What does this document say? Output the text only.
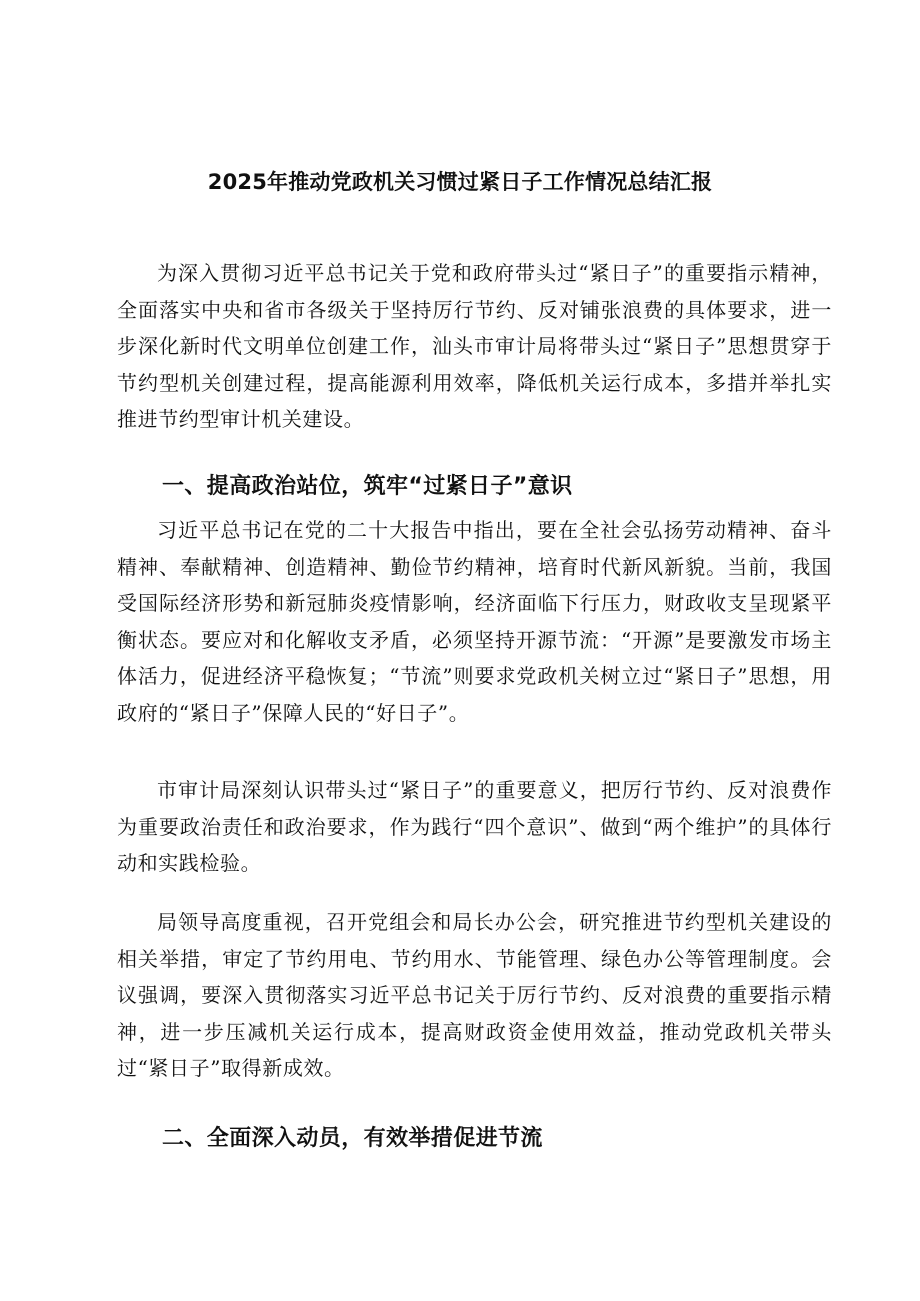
2025年推动党政机关习惯过紧日子工作情况总结汇报

为深入贯彻习近平总书记关于党和政府带头过“紧日子”的重要指示精神，全面落实中央和省市各级关于坚持厉行节约、反对铺张浪费的具体要求，进一步深化新时代文明单位创建工作，汕头市审计局将带头过“紧日子”思想贯穿于节约型机关创建过程，提高能源利用效率，降低机关运行成本，多措并举扎实推进节约型审计机关建设。

一、提高政治站位，筑牢“过紧日子”意识

习近平总书记在党的二十大报告中指出，要在全社会弘扬劳动精神、奋斗精神、奉献精神、创造精神、勤俭节约精神，培育时代新风新貌。当前，我国受国际经济形势和新冠肺炎疫情影响，经济面临下行压力，财政收支呈现紧平衡状态。要应对和化解收支矛盾，必须坚持开源节流：“开源”是要激发市场主体活力，促进经济平稳恢复；“节流”则要求党政机关树立过“紧日子”思想，用政府的“紧日子”保障人民的“好日子”。

市审计局深刻认识带头过“紧日子”的重要意义，把厉行节约、反对浪费作为重要政治责任和政治要求，作为践行“四个意识”、做到“两个维护”的具体行动和实践检验。

局领导高度重视，召开党组会和局长办公会，研究推进节约型机关建设的相关举措，审定了节约用电、节约用水、节能管理、绿色办公等管理制度。会议强调，要深入贯彻落实习近平总书记关于厉行节约、反对浪费的重要指示精神，进一步压减机关运行成本，提高财政资金使用效益，推动党政机关带头过“紧日子”取得新成效。

二、全面深入动员，有效举措促进节流
